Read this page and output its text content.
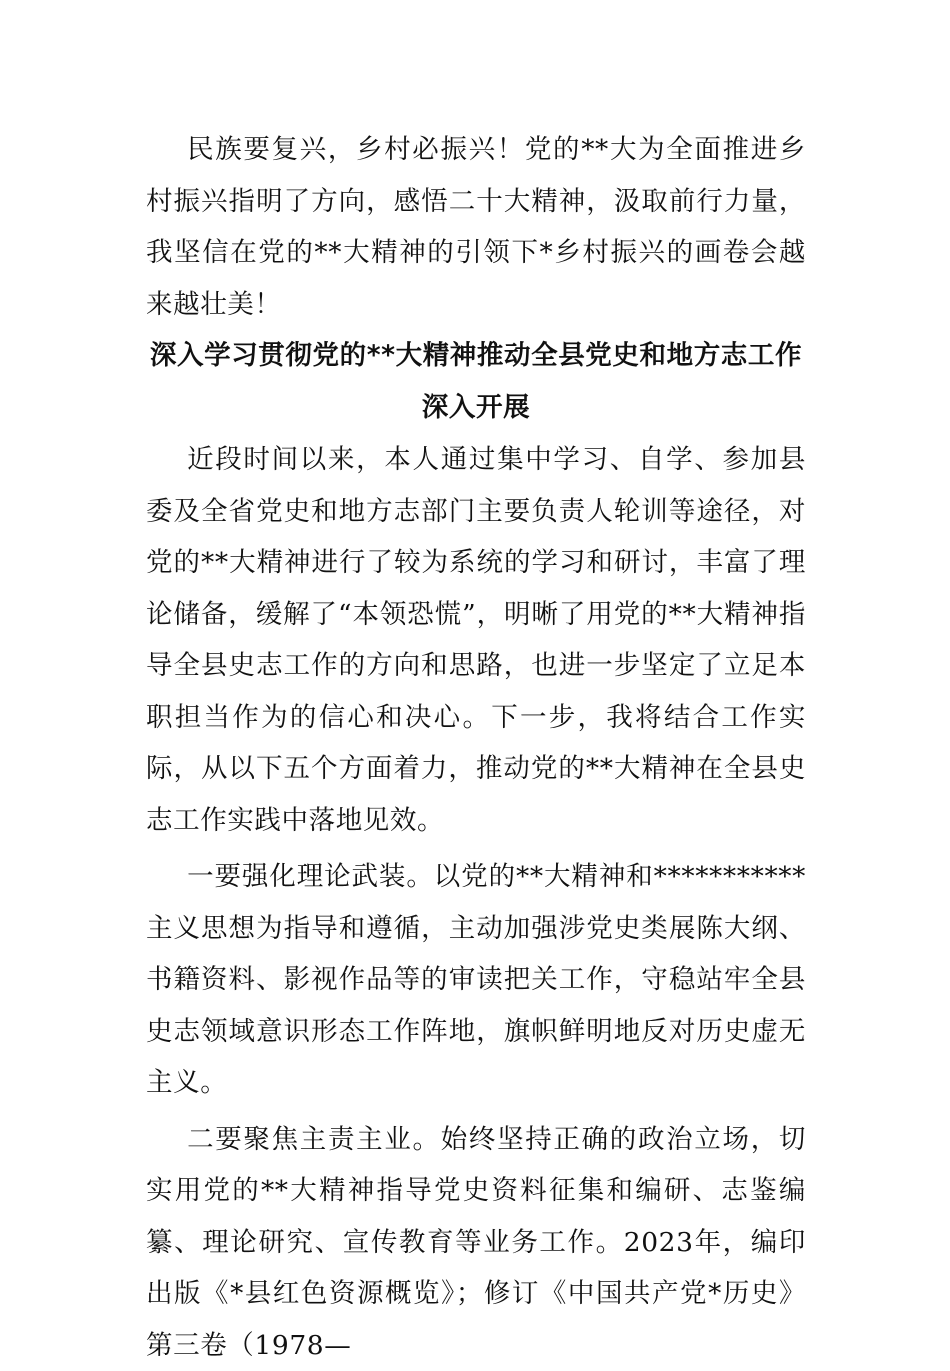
民族要复兴，乡村必振兴！党的**大为全面推进乡村振兴指明了方向，感悟二十大精神，汲取前行力量，我坚信在党的**大精神的引领下*乡村振兴的画卷会越来越壮美！

深入学习贯彻党的**大精神推动全县党史和地方志工作深入开展

近段时间以来，本人通过集中学习、自学、参加县委及全省党史和地方志部门主要负责人轮训等途径，对党的**大精神进行了较为系统的学习和研讨，丰富了理论储备，缓解了“本领恐慌”，明晰了用党的**大精神指导全县史志工作的方向和思路，也进一步坚定了立足本职担当作为的信心和决心。下一步，我将结合工作实际，从以下五个方面着力，推动党的**大精神在全县史志工作实践中落地见效。

一要强化理论武装。以党的**大精神和***********主义思想为指导和遵循，主动加强涉党史类展陈大纲、书籍资料、影视作品等的审读把关工作，守稳站牢全县史志领域意识形态工作阵地，旗帜鲜明地反对历史虚无主义。

二要聚焦主责主业。始终坚持正确的政治立场，切实用党的**大精神指导党史资料征集和编研、志鉴编纂、理论研究、宣传教育等业务工作。2023年，编印出版《*县红色资源概览》；修订《中国共产党*历史》第三卷（1978—
